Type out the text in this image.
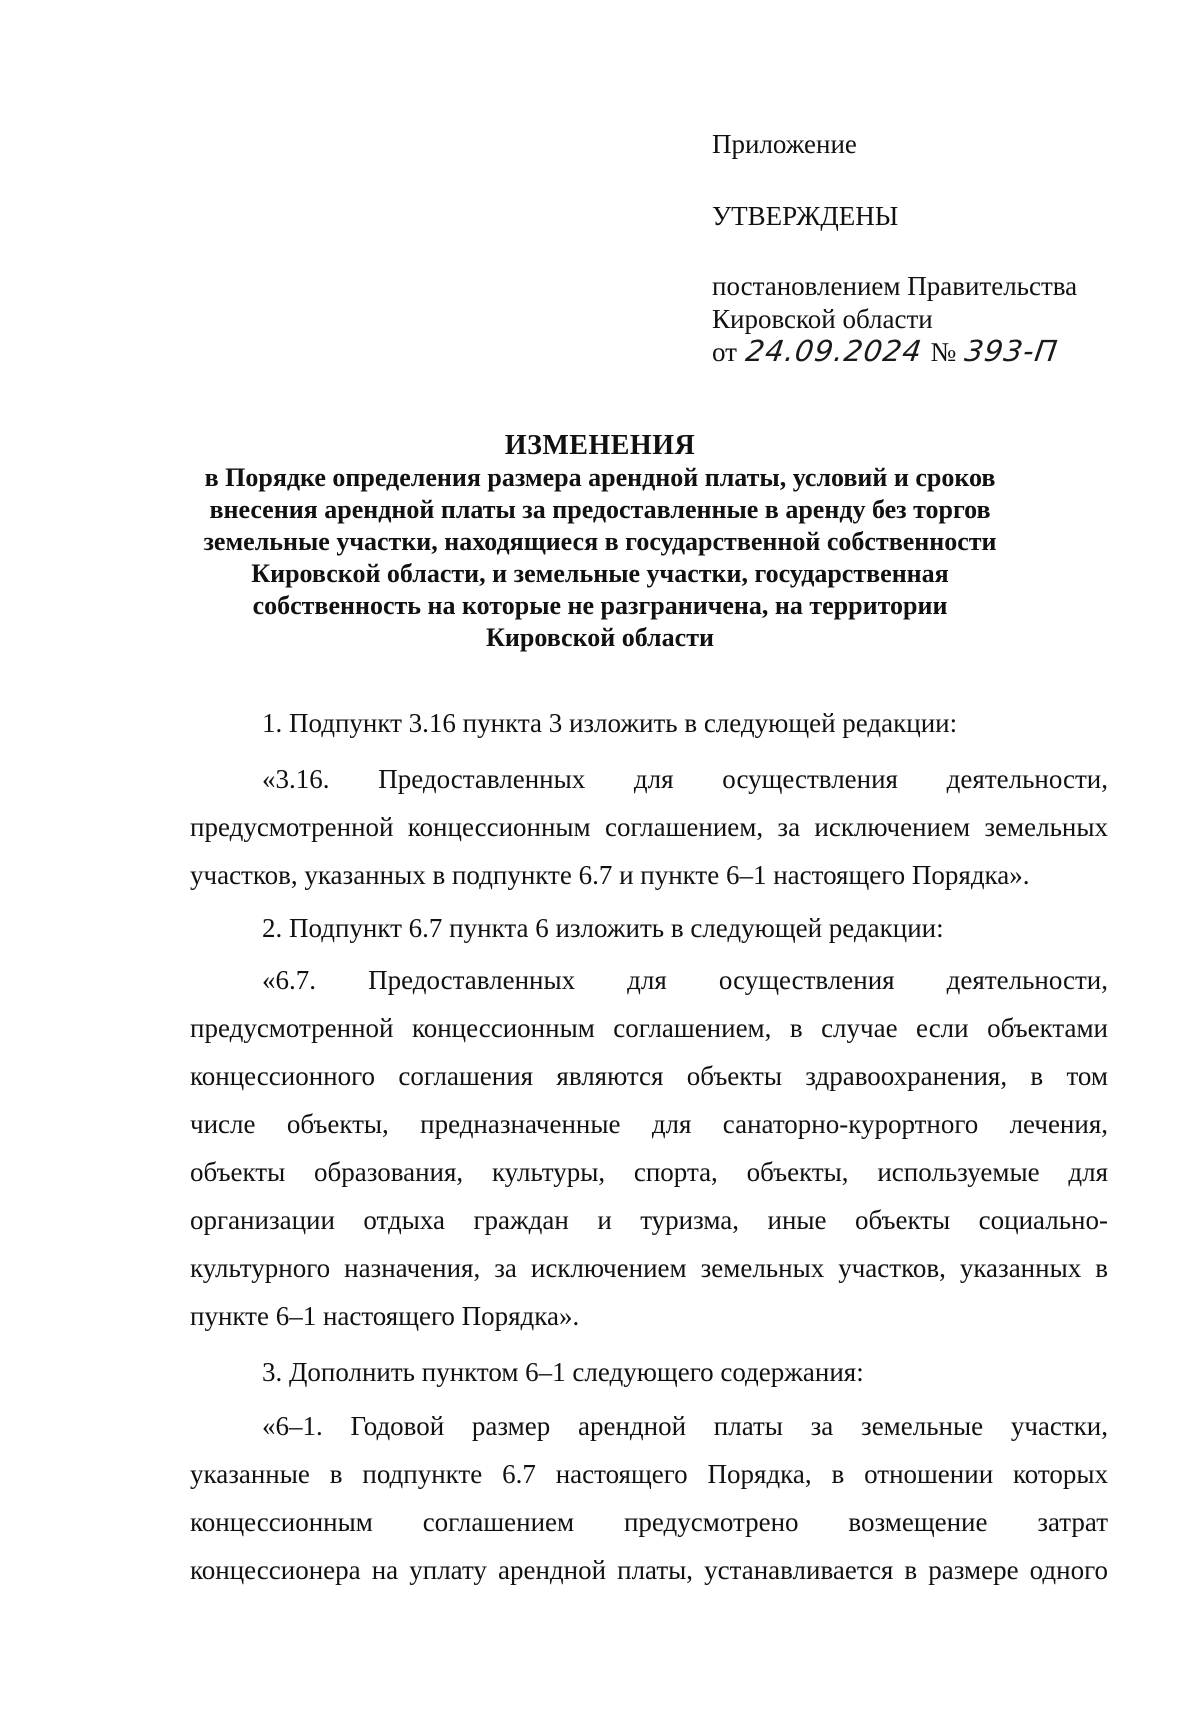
Приложение
УТВЕРЖДЕНЫ
постановлением Правительства
Кировской области
от 24.09.2024 № 393-П
ИЗМЕНЕНИЯ
в Порядке определения размера арендной платы, условий и сроков
внесения арендной платы за предоставленные в аренду без торгов
земельные участки, находящиеся в государственной собственности
Кировской области, и земельные участки, государственная
собственность на которые не разграничена, на территории
Кировской области
1. Подпункт 3.16 пункта 3 изложить в следующей редакции:
«3.16. Предоставленных для осуществления деятельности,
предусмотренной концессионным соглашением, за исключением земельных
участков, указанных в подпункте 6.7 и пункте 6–1 настоящего Порядка».
2. Подпункт 6.7 пункта 6 изложить в следующей редакции:
«6.7. Предоставленных для осуществления деятельности,
предусмотренной концессионным соглашением, в случае если объектами
концессионного соглашения являются объекты здравоохранения, в том
числе объекты, предназначенные для санаторно-курортного лечения,
объекты образования, культуры, спорта, объекты, используемые для
организации отдыха граждан и туризма, иные объекты социально-
культурного назначения, за исключением земельных участков, указанных в
пункте 6–1 настоящего Порядка».
3. Дополнить пунктом 6–1 следующего содержания:
«6–1. Годовой размер арендной платы за земельные участки,
указанные в подпункте 6.7 настоящего Порядка, в отношении которых
концессионным соглашением предусмотрено возмещение затрат
концессионера на уплату арендной платы, устанавливается в размере одного
